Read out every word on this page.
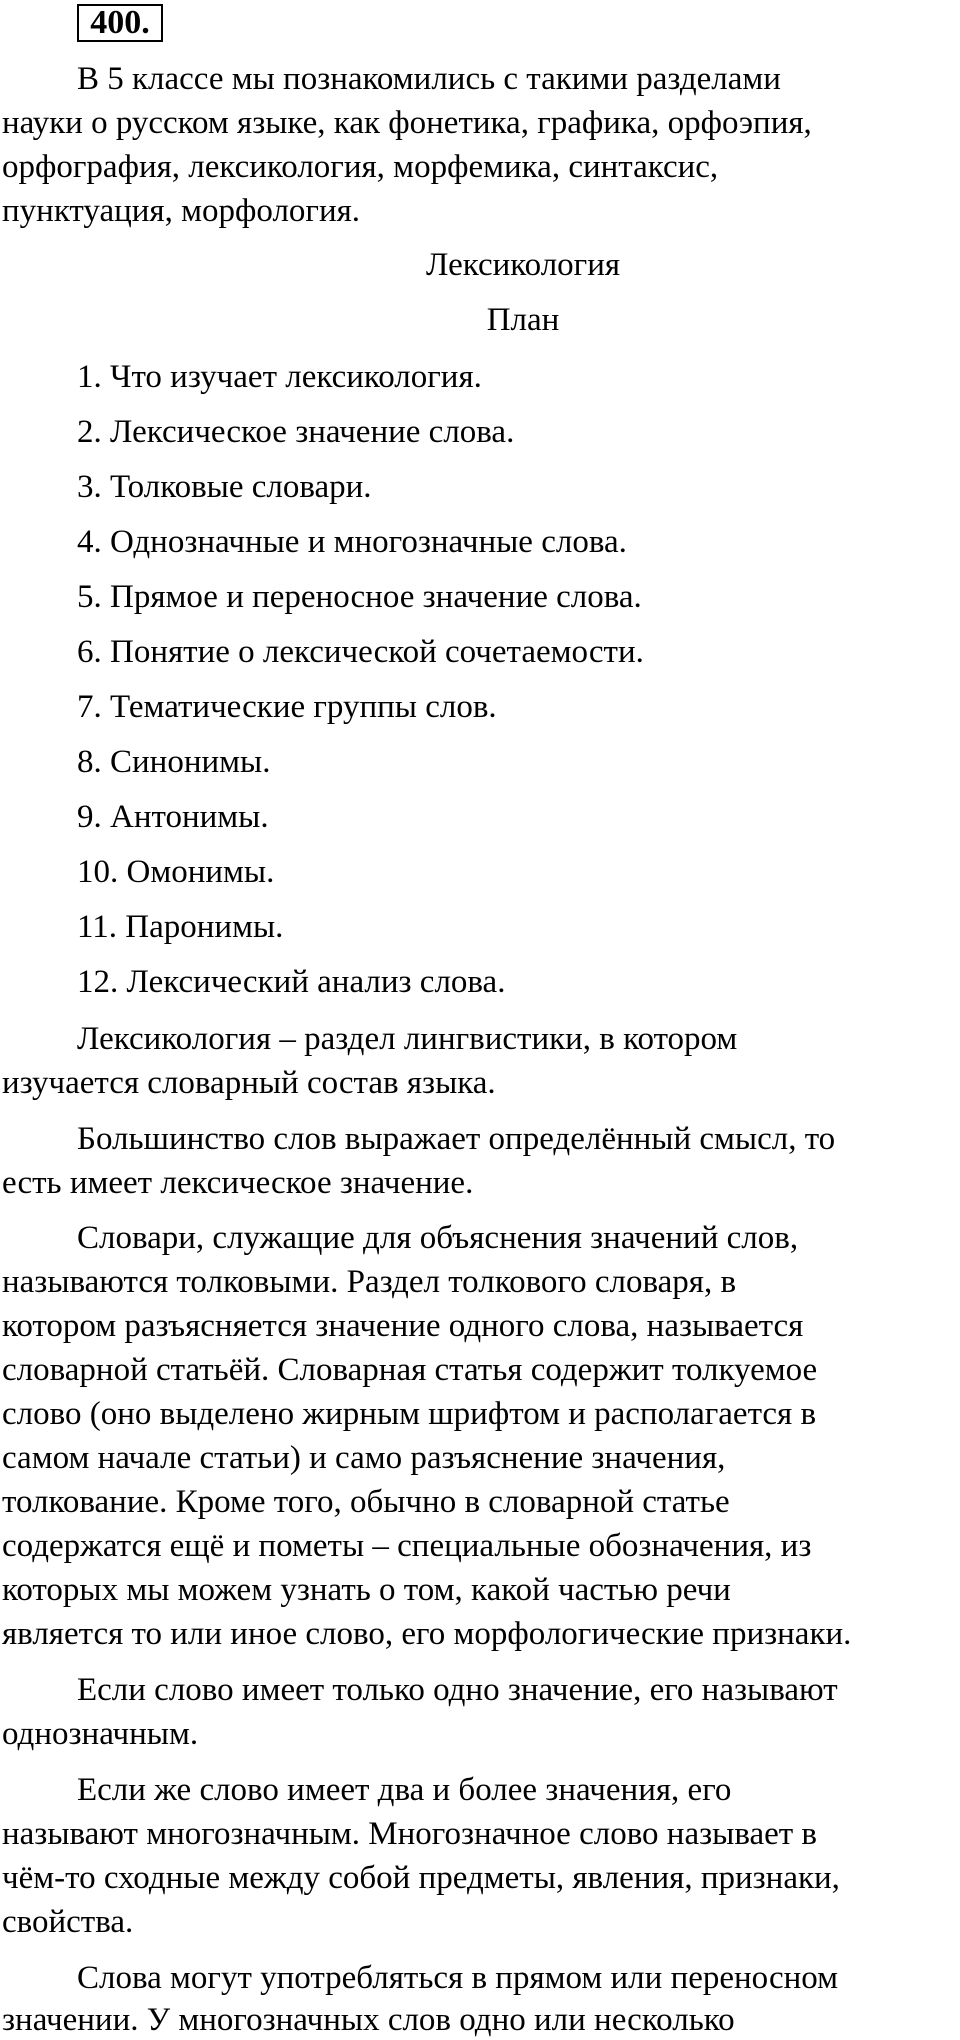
400.
В 5 классе мы познакомились с такими разделами
науки о русском языке, как фонетика, графика, орфоэпия,
орфография, лексикология, морфемика, синтаксис,
пунктуация, морфология.
Лексикология
План
1. Что изучает лексикология.
2. Лексическое значение слова.
3. Толковые словари.
4. Однозначные и многозначные слова.
5. Прямое и переносное значение слова.
6. Понятие о лексической сочетаемости.
7. Тематические группы слов.
8. Синонимы.
9. Антонимы.
10. Омонимы.
11. Паронимы.
12. Лексический анализ слова.
Лексикология – раздел лингвистики, в котором
изучается словарный состав языка.
Большинство слов выражает определённый смысл, то
есть имеет лексическое значение.
Словари, служащие для объяснения значений слов,
называются толковыми. Раздел толкового словаря, в
котором разъясняется значение одного слова, называется
словарной статьёй. Словарная статья содержит толкуемое
слово (оно выделено жирным шрифтом и располагается в
самом начале статьи) и само разъяснение значения,
толкование. Кроме того, обычно в словарной статье
содержатся ещё и пометы – специальные обозначения, из
которых мы можем узнать о том, какой частью речи
является то или иное слово, его морфологические признаки.
Если слово имеет только одно значение, его называют
однозначным.
Если же слово имеет два и более значения, его
называют многозначным. Многозначное слово называет в
чём-то сходные между собой предметы, явления, признаки,
свойства.
Слова могут употребляться в прямом или переносном
значении. У многозначных слов одно или несколько
